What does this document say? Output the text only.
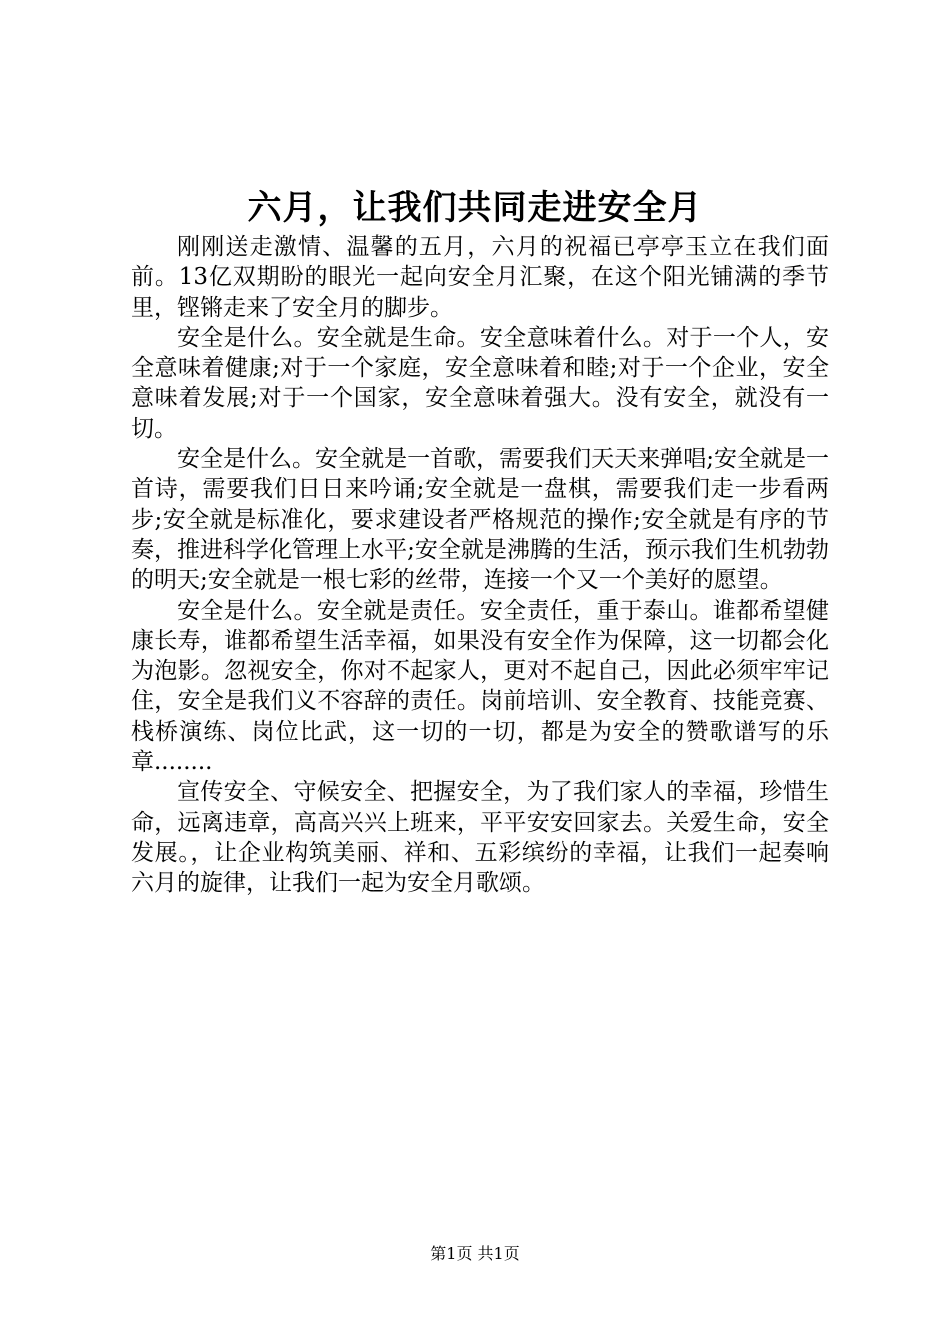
六月，让我们共同走进安全月

刚刚送走激情、温馨的五月，六月的祝福已亭亭玉立在我们面前。13亿双期盼的眼光一起向安全月汇聚，在这个阳光铺满的季节里，铿锵走来了安全月的脚步。

安全是什么。安全就是生命。安全意味着什么。对于一个人，安全意味着健康;对于一个家庭，安全意味着和睦;对于一个企业，安全意味着发展;对于一个国家，安全意味着强大。没有安全，就没有一切。

安全是什么。安全就是一首歌，需要我们天天来弹唱;安全就是一首诗，需要我们日日来吟诵;安全就是一盘棋，需要我们走一步看两步;安全就是标准化，要求建设者严格规范的操作;安全就是有序的节奏，推进科学化管理上水平;安全就是沸腾的生活，预示我们生机勃勃的明天;安全就是一根七彩的丝带，连接一个又一个美好的愿望。

安全是什么。安全就是责任。安全责任，重于泰山。谁都希望健康长寿，谁都希望生活幸福，如果没有安全作为保障，这一切都会化为泡影。忽视安全，你对不起家人，更对不起自己，因此必须牢牢记住，安全是我们义不容辞的责任。岗前培训、安全教育、技能竞赛、栈桥演练、岗位比武，这一切的一切，都是为安全的赞歌谱写的乐章........

宣传安全、守候安全、把握安全，为了我们家人的幸福，珍惜生命，远离违章，高高兴兴上班来，平平安安回家去。关爱生命，安全发展。，让企业构筑美丽、祥和、五彩缤纷的幸福，让我们一起奏响六月的旋律，让我们一起为安全月歌颂。

第1页 共1页
